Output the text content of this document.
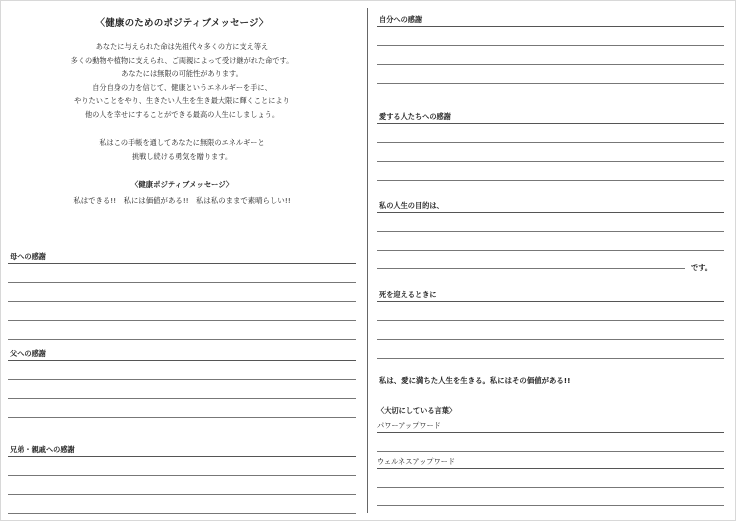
〈健康のためのポジティブメッセージ〉
あなたに与えられた命は先祖代々多くの方に支え等え
多くの動物や植物に支えられ、ご両親によって受け継がれた命です。
あなたには無限の可能性があります。
自分自身の力を信じて、健康というエネルギーを手に、
やりたいことをやり、生きたい人生を生き最大限に輝くことにより
他の人を幸せにすることができる最高の人生にしましょう。
私はこの手帳を通してあなたに無限のエネルギーと
挑戦し続ける勇気を贈ります。
〈健康ポジティブメッセージ〉
私はできる!!　私には価値がある!!　私は私のままで素晴らしい!!
母への感謝
父への感謝
兄弟・親戚への感謝
自分への感謝
愛する人たちへの感謝
私の人生の目的は、
です。
死を迎えるときに
私は、愛に満ちた人生を生きる。私にはその価値がある!!
〈大切にしている言葉〉
パワーアップワード
ウェルネスアップワード
